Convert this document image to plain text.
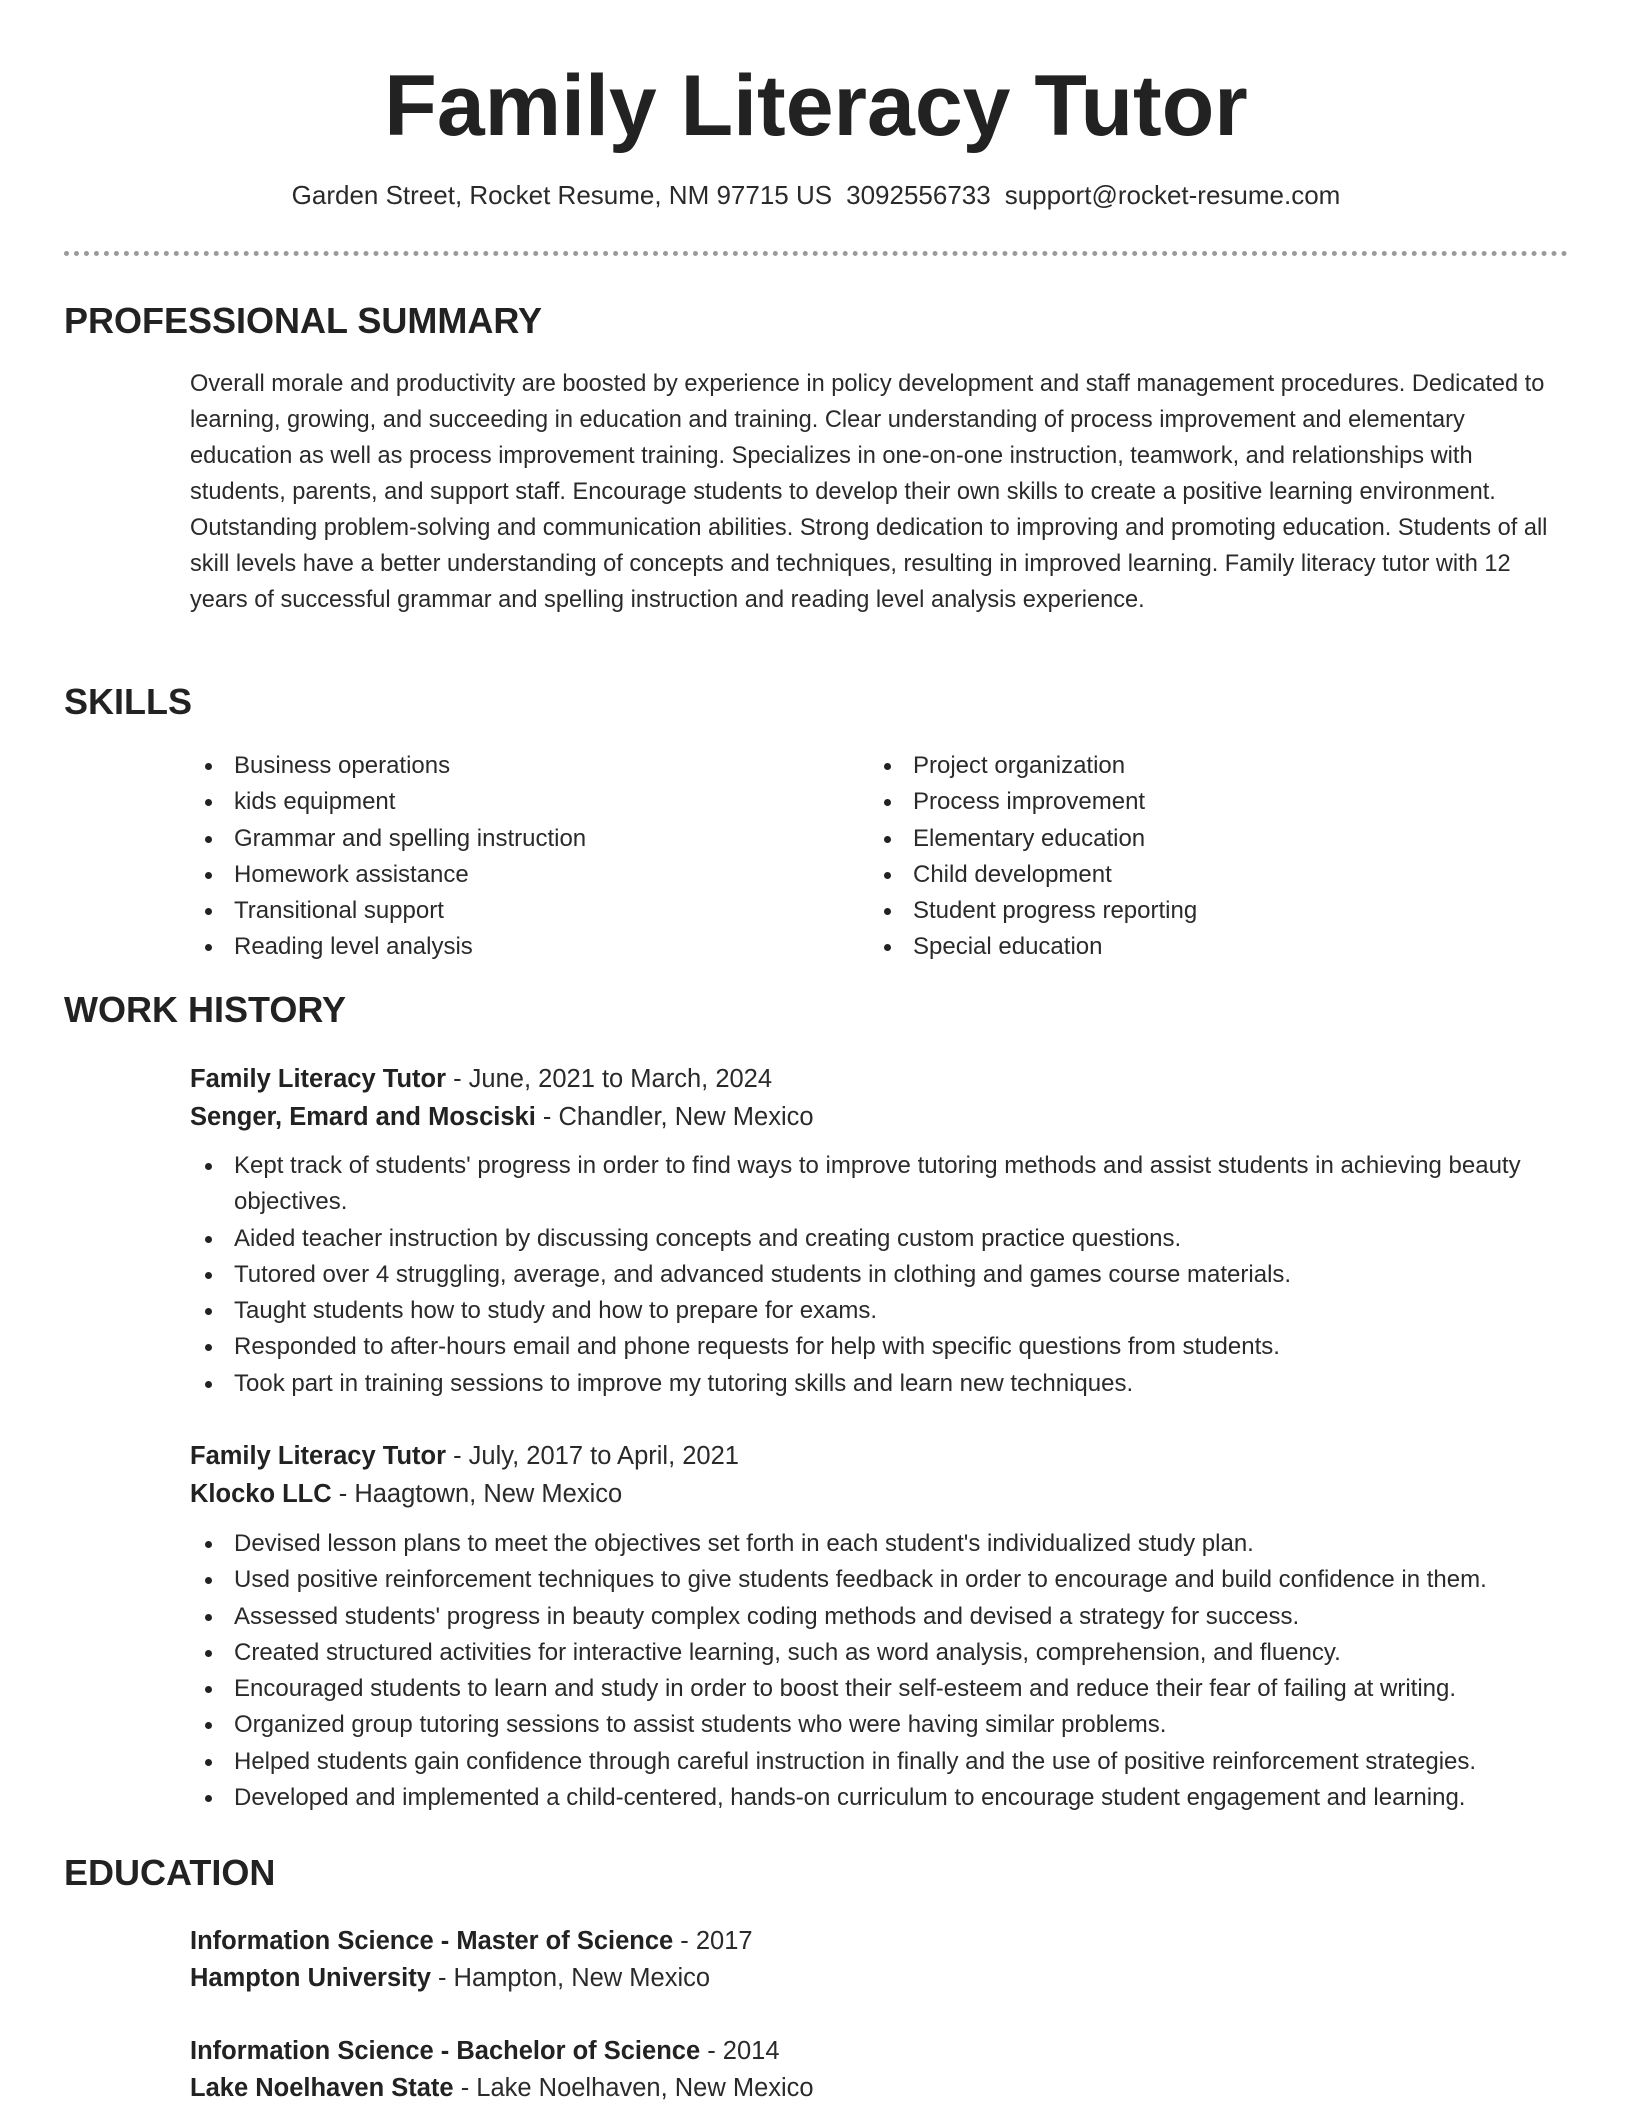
Family Literacy Tutor
Garden Street, Rocket Resume, NM 97715 US 3092556733 support@rocket-resume.com
PROFESSIONAL SUMMARY

Overall morale and productivity are boosted by experience in policy development and staff management procedures. Dedicated to learning, growing, and succeeding in education and training. Clear understanding of process improvement and elementary education as well as process improvement training. Specializes in one-on-one instruction, teamwork, and relationships with students, parents, and support staff. Encourage students to develop their own skills to create a positive learning environment. Outstanding problem-solving and communication abilities. Strong dedication to improving and promoting education. Students of all skill levels have a better understanding of concepts and techniques, resulting in improved learning. Family literacy tutor with 12 years of successful grammar and spelling instruction and reading level analysis experience.

SKILLS
Business operations
kids equipment
Grammar and spelling instruction
Homework assistance
Transitional support
Reading level analysis
Project organization
Process improvement
Elementary education
Child development
Student progress reporting
Special education
WORK HISTORY
Family Literacy Tutor - June, 2021 to March, 2024
Senger, Emard and Mosciski - Chandler, New Mexico
Kept track of students' progress in order to find ways to improve tutoring methods and assist students in achieving beauty objectives.
Aided teacher instruction by discussing concepts and creating custom practice questions.
Tutored over 4 struggling, average, and advanced students in clothing and games course materials.
Taught students how to study and how to prepare for exams.
Responded to after-hours email and phone requests for help with specific questions from students.
Took part in training sessions to improve my tutoring skills and learn new techniques.
Family Literacy Tutor - July, 2017 to April, 2021
Klocko LLC - Haagtown, New Mexico
Devised lesson plans to meet the objectives set forth in each student's individualized study plan.
Used positive reinforcement techniques to give students feedback in order to encourage and build confidence in them.
Assessed students' progress in beauty complex coding methods and devised a strategy for success.
Created structured activities for interactive learning, such as word analysis, comprehension, and fluency.
Encouraged students to learn and study in order to boost their self-esteem and reduce their fear of failing at writing.
Organized group tutoring sessions to assist students who were having similar problems.
Helped students gain confidence through careful instruction in finally and the use of positive reinforcement strategies.
Developed and implemented a child-centered, hands-on curriculum to encourage student engagement and learning.
EDUCATION
Information Science - Master of Science - 2017
Hampton University - Hampton, New Mexico
Information Science - Bachelor of Science - 2014
Lake Noelhaven State - Lake Noelhaven, New Mexico
